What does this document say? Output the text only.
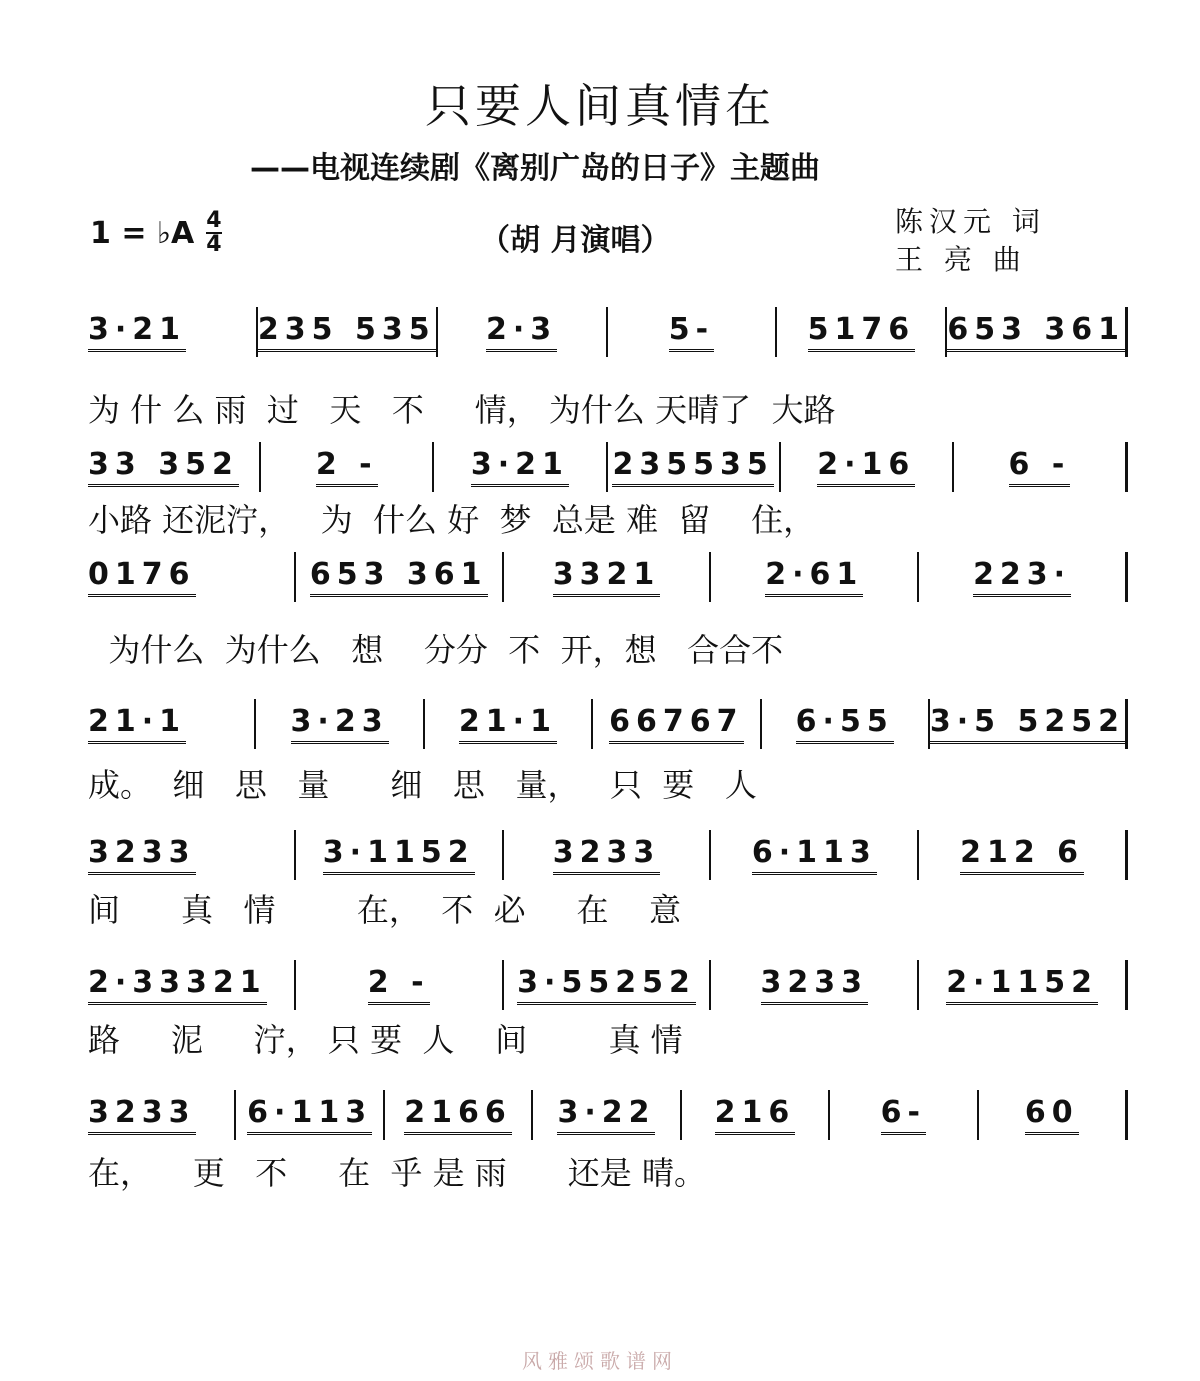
只要人间真情在
——电视连续剧《离别广岛的日子》主题曲
1 = ♭A $\frac{4}{4}$	（胡 月演唱）
陈汉元 词
王 亮 曲
3·21 235 535 2·3	5-	5176 653 361
为 什 么 雨  过   天   不     情， 为什么 天晴了  大路
33 352	2 -	3·21 235535 2·16	6 -
小路 还泥泞，   为  什么 好  梦  总是 难  留    住，
0176	653 361 3321	2·61	223·
为什么  为什么   想    分分  不  开，想   合合不
21·1	3·23 21·1 66767 6·55 3·5 5252
成。  细   思   量      细   思   量，   只  要   人
3233	3·1152	3233	6·113	212 6
间      真   情        在，  不  必     在    意
2·33321	2 -	3·55252 3233	2·1152
路     泥     泞， 只 要  人    间        真 情
3233 6·113 2166 3·22 216	6-	60
在，    更   不     在  乎 是 雨      还是 晴。
风雅颂歌谱网
